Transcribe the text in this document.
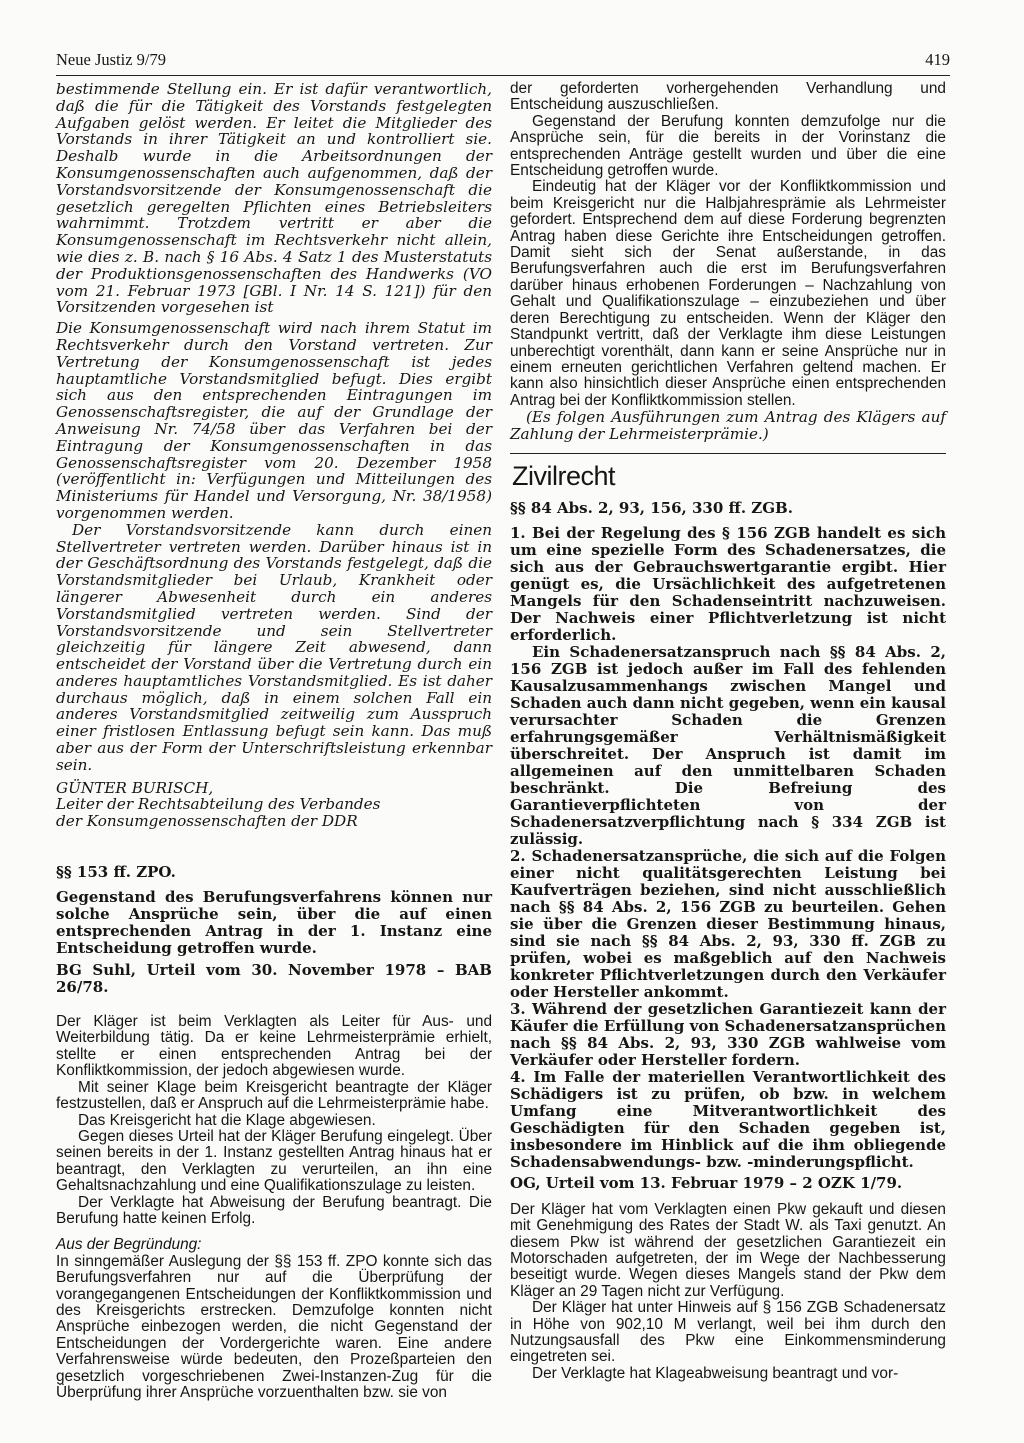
Neue Justiz 9/79	419

bestimmende Stellung ein. Er ist dafür verantwortlich, daß die für die Tätigkeit des Vorstands festgelegten Aufgaben gelöst werden. Er leitet die Mitglieder des Vorstands in ihrer Tätigkeit an und kontrolliert sie. Deshalb wurde in die Arbeitsordnungen der Konsumgenossenschaften auch aufgenommen, daß der Vorstandsvorsitzende der Konsumgenossenschaft die gesetzlich geregelten Pflichten eines Betriebsleiters wahrnimmt. Trotzdem vertritt er aber die Konsumgenossenschaft im Rechtsverkehr nicht allein, wie dies z. B. nach § 16 Abs. 4 Satz 1 des Musterstatuts der Produktionsgenossenschaften des Handwerks (VO vom 21. Februar 1973 [GBl. I Nr. 14 S. 121]) für den Vorsitzenden vorgesehen ist

Die Konsumgenossenschaft wird nach ihrem Statut im Rechtsverkehr durch den Vorstand vertreten. Zur Vertretung der Konsumgenossenschaft ist jedes hauptamtliche Vorstandsmitglied befugt. Dies ergibt sich aus den entsprechenden Eintragungen im Genossenschaftsregister, die auf der Grundlage der Anweisung Nr. 74/58 über das Verfahren bei der Eintragung der Konsumgenossenschaften in das Genossenschaftsregister vom 20. Dezember 1958 (veröffentlicht in: Verfügungen und Mitteilungen des Ministeriums für Handel und Versorgung, Nr. 38/1958) vorgenommen werden.

Der Vorstandsvorsitzende kann durch einen Stellvertreter vertreten werden. Darüber hinaus ist in der Geschäftsordnung des Vorstands festgelegt, daß die Vorstandsmitglieder bei Urlaub, Krankheit oder längerer Abwesenheit durch ein anderes Vorstandsmitglied vertreten werden. Sind der Vorstandsvorsitzende und sein Stellvertreter gleichzeitig für längere Zeit abwesend, dann entscheidet der Vorstand über die Vertretung durch ein anderes hauptamtliches Vorstandsmitglied. Es ist daher durchaus möglich, daß in einem solchen Fall ein anderes Vorstandsmitglied zeitweilig zum Ausspruch einer fristlosen Entlassung befugt sein kann. Das muß aber aus der Form der Unterschriftsleistung erkennbar sein.

GÜNTER BURISCH,

Leiter der Rechtsabteilung des Verbandes

der Konsumgenossenschaften der DDR

§§ 153 ff. ZPO.

Gegenstand des Berufungsverfahrens können nur solche Ansprüche sein, über die auf einen entsprechenden Antrag in der 1. Instanz eine Entscheidung getroffen wurde.

BG Suhl, Urteil vom 30. November 1978 – BAB 26/78.

Der Kläger ist beim Verklagten als Leiter für Aus- und Weiterbildung tätig. Da er keine Lehrmeisterprämie erhielt, stellte er einen entsprechenden Antrag bei der Konfliktkommission, der jedoch abgewiesen wurde.

Mit seiner Klage beim Kreisgericht beantragte der Kläger festzustellen, daß er Anspruch auf die Lehrmeisterprämie habe.

Das Kreisgericht hat die Klage abgewiesen.

Gegen dieses Urteil hat der Kläger Berufung eingelegt. Über seinen bereits in der 1. Instanz gestellten Antrag hinaus hat er beantragt, den Verklagten zu verurteilen, an ihn eine Gehaltsnachzahlung und eine Qualifikationszulage zu leisten.

Der Verklagte hat Abweisung der Berufung beantragt. Die Berufung hatte keinen Erfolg.

Aus der Begründung:

In sinngemäßer Auslegung der §§ 153 ff. ZPO konnte sich das Berufungsverfahren nur auf die Überprüfung der vorangegangenen Entscheidungen der Konfliktkommission und des Kreisgerichts erstrecken. Demzufolge konnten nicht Ansprüche einbezogen werden, die nicht Gegenstand der Entscheidungen der Vordergerichte waren. Eine andere Verfahrensweise würde bedeuten, den Prozeßparteien den gesetzlich vorgeschriebenen Zwei-Instanzen-Zug für die Überprüfung ihrer Ansprüche vorzuenthalten bzw. sie von

der geforderten vorhergehenden Verhandlung und Entscheidung auszuschließen.

Gegenstand der Berufung konnten demzufolge nur die Ansprüche sein, für die bereits in der Vorinstanz die entsprechenden Anträge gestellt wurden und über die eine Entscheidung getroffen wurde.

Eindeutig hat der Kläger vor der Konfliktkommission und beim Kreisgericht nur die Halbjahresprämie als Lehrmeister gefordert. Entsprechend dem auf diese Forderung begrenzten Antrag haben diese Gerichte ihre Entscheidungen getroffen. Damit sieht sich der Senat außerstande, in das Berufungsverfahren auch die erst im Berufungsverfahren darüber hinaus erhobenen Forderungen – Nachzahlung von Gehalt und Qualifikationszulage – einzubeziehen und über deren Berechtigung zu entscheiden. Wenn der Kläger den Standpunkt vertritt, daß der Verklagte ihm diese Leistungen unberechtigt vorenthält, dann kann er seine Ansprüche nur in einem erneuten gerichtlichen Verfahren geltend machen. Er kann also hinsichtlich dieser Ansprüche einen entsprechenden Antrag bei der Konfliktkommission stellen.

(Es folgen Ausführungen zum Antrag des Klägers auf Zahlung der Lehrmeisterprämie.)

Zivilrecht

§§ 84 Abs. 2, 93, 156, 330 ff. ZGB.

1. Bei der Regelung des § 156 ZGB handelt es sich um eine spezielle Form des Schadenersatzes, die sich aus der Gebrauchswertgarantie ergibt. Hier genügt es, die Ursächlichkeit des aufgetretenen Mangels für den Schadenseintritt nachzuweisen. Der Nachweis einer Pflichtverletzung ist nicht erforderlich.

Ein Schadenersatzanspruch nach §§ 84 Abs. 2, 156 ZGB ist jedoch außer im Fall des fehlenden Kausalzusammenhangs zwischen Mangel und Schaden auch dann nicht gegeben, wenn ein kausal verursachter Schaden die Grenzen erfahrungsgemäßer Verhältnismäßigkeit überschreitet. Der Anspruch ist damit im allgemeinen auf den unmittelbaren Schaden beschränkt. Die Befreiung des Garantieverpflichteten von der Schadenersatzverpflichtung nach § 334 ZGB ist zulässig.

2. Schadenersatzansprüche, die sich auf die Folgen einer nicht qualitätsgerechten Leistung bei Kaufverträgen beziehen, sind nicht ausschließlich nach §§ 84 Abs. 2, 156 ZGB zu beurteilen. Gehen sie über die Grenzen dieser Bestimmung hinaus, sind sie nach §§ 84 Abs. 2, 93, 330 ff. ZGB zu prüfen, wobei es maßgeblich auf den Nachweis konkreter Pflichtverletzungen durch den Verkäufer oder Hersteller ankommt.

3. Während der gesetzlichen Garantiezeit kann der Käufer die Erfüllung von Schadenersatzansprüchen nach §§ 84 Abs. 2, 93, 330 ZGB wahlweise vom Verkäufer oder Hersteller fordern.

4. Im Falle der materiellen Verantwortlichkeit des Schädigers ist zu prüfen, ob bzw. in welchem Umfang eine Mitverantwortlichkeit des Geschädigten für den Schaden gegeben ist, insbesondere im Hinblick auf die ihm obliegende Schadensabwendungs- bzw. -minderungspflicht.

OG, Urteil vom 13. Februar 1979 – 2 OZK 1/79.

Der Kläger hat vom Verklagten einen Pkw gekauft und diesen mit Genehmigung des Rates der Stadt W. als Taxi genutzt. An diesem Pkw ist während der gesetzlichen Garantiezeit ein Motorschaden aufgetreten, der im Wege der Nachbesserung beseitigt wurde. Wegen dieses Mangels stand der Pkw dem Kläger an 29 Tagen nicht zur Verfügung.

Der Kläger hat unter Hinweis auf § 156 ZGB Schadenersatz in Höhe von 902,10 M verlangt, weil bei ihm durch den Nutzungsausfall des Pkw eine Einkommensminderung eingetreten sei.

Der Verklagte hat Klageabweisung beantragt und vor-
